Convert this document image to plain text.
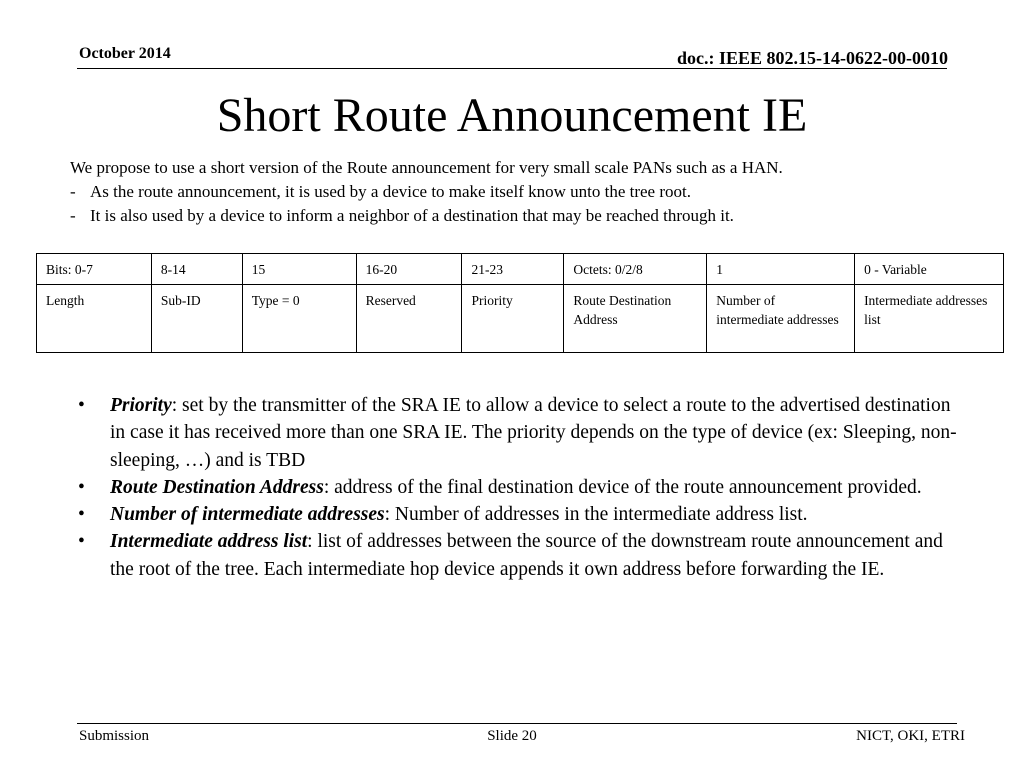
October 2014	doc.: IEEE 802.15-14-0622-00-0010
Short Route Announcement IE
We propose to use a short version of the Route announcement for very small scale PANs such as a HAN.
- As the route announcement, it is used by a device to make itself know unto the tree root.
- It is also used by a device to inform a neighbor of a destination that may be reached through it.
Bits: 0-7	8-14	15	16-20	21-23	Octets: 0/2/8	1	0 - Variable
Length	Sub-ID	Type = 0	Reserved	Priority	Route Destination Address	Number of intermediate addresses	Intermediate addresses list
• Priority: set by the transmitter of the SRA IE to allow a device to select a route to the advertised destination in case it has received more than one SRA IE. The priority depends on the type of device (ex: Sleeping, non-sleeping, …) and is TBD
• Route Destination Address: address of the final destination device of the route announcement provided.
• Number of intermediate addresses: Number of addresses in the intermediate address list.
• Intermediate address list: list of addresses between the source of the downstream route announcement and the root of the tree. Each intermediate hop device appends it own address before forwarding the IE.
Submission	Slide 20	NICT, OKI, ETRI
